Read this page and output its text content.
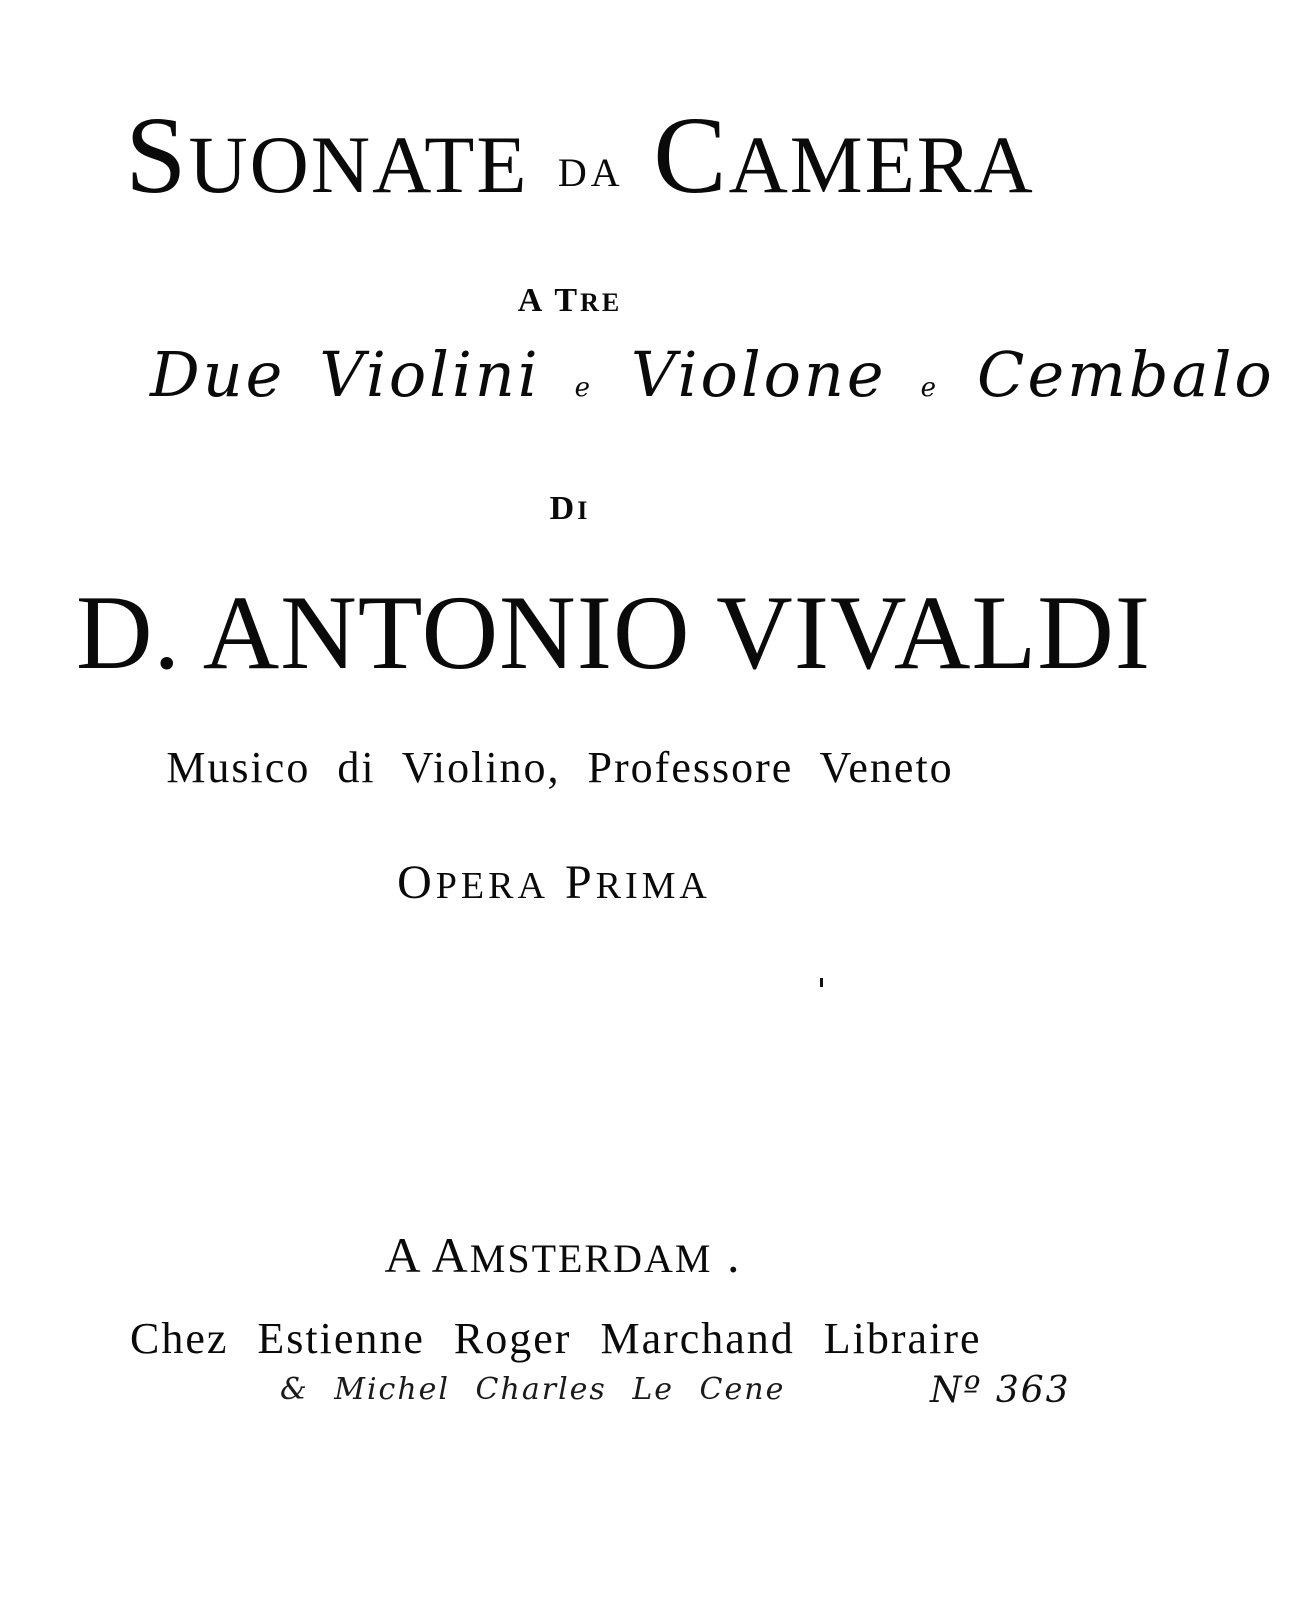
SUONATE DA CAMERA
A TRE
Due Violini e Violone e Cembalo
DI
D. ANTONIO VIVALDI
Musico di Violino, Professore Veneto
OPERA PRIMA
A AMSTERDAM .
Chez Estienne Roger Marchand Libraire
& Michel Charles Le Cene	Nº 363
